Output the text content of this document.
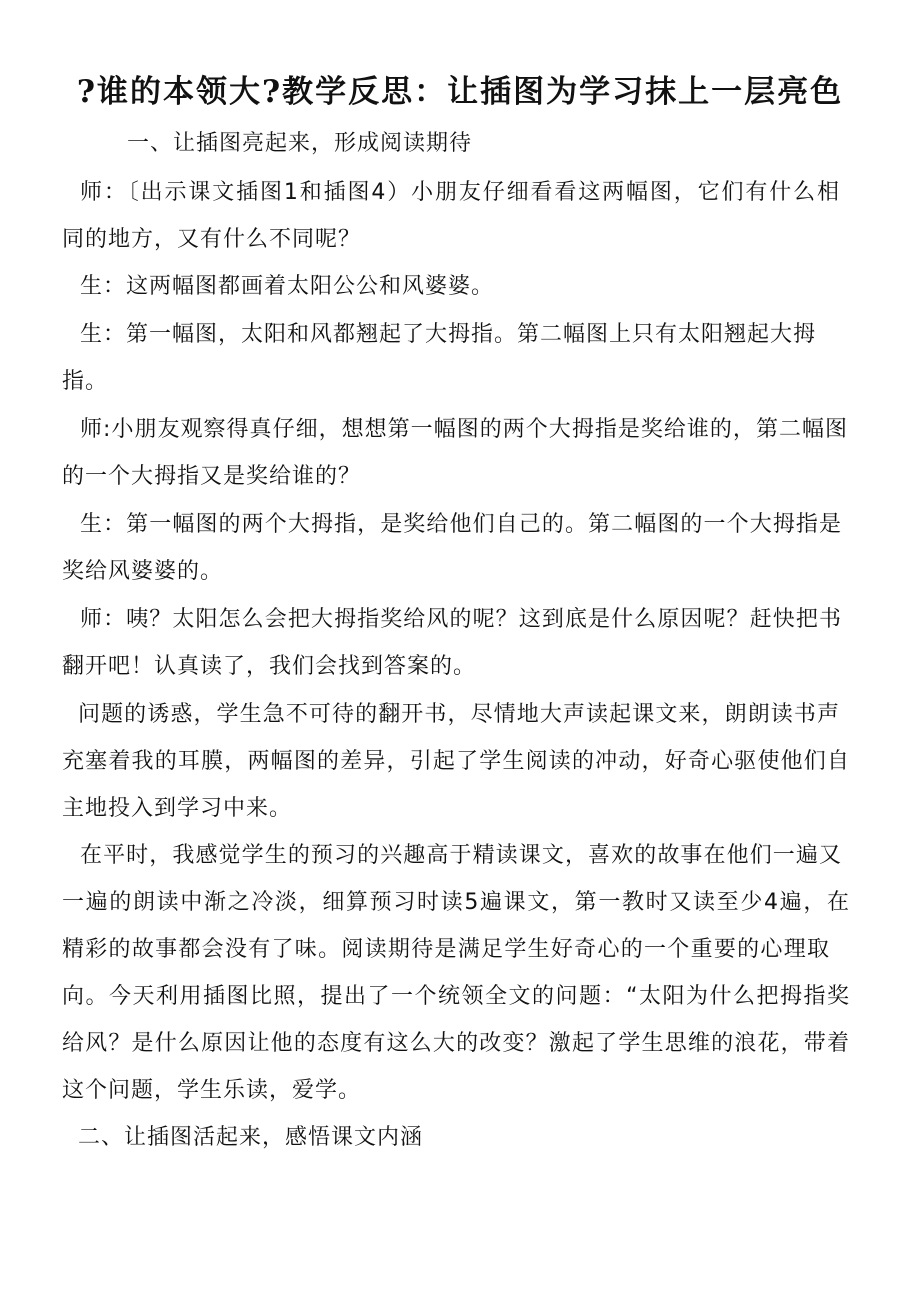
?谁的本领大?教学反思：让插图为学习抹上一层亮色
一、让插图亮起来，形成阅读期待
师：〔出示课文插图1和插图4）小朋友仔细看看这两幅图，它们有什么相
同的地方，又有什么不同呢？
生：这两幅图都画着太阳公公和风婆婆。
生：第一幅图，太阳和风都翘起了大拇指。第二幅图上只有太阳翘起大拇
指。
师:小朋友观察得真仔细，想想第一幅图的两个大拇指是奖给谁的，第二幅图
的一个大拇指又是奖给谁的？
生：第一幅图的两个大拇指，是奖给他们自己的。第二幅图的一个大拇指是
奖给风婆婆的。
师：咦？太阳怎么会把大拇指奖给风的呢？这到底是什么原因呢？赶快把书
翻开吧！认真读了，我们会找到答案的。
问题的诱惑，学生急不可待的翻开书，尽情地大声读起课文来，朗朗读书声
充塞着我的耳膜，两幅图的差异，引起了学生阅读的冲动，好奇心驱使他们自
主地投入到学习中来。
在平时，我感觉学生的预习的兴趣高于精读课文，喜欢的故事在他们一遍又
一遍的朗读中渐之冷淡，细算预习时读5遍课文，第一教时又读至少4遍，在
精彩的故事都会没有了味。阅读期待是满足学生好奇心的一个重要的心理取
向。今天利用插图比照，提出了一个统领全文的问题：“太阳为什么把拇指奖
给风？是什么原因让他的态度有这么大的改变？激起了学生思维的浪花，带着
这个问题，学生乐读，爱学。
二、让插图活起来，感悟课文内涵
